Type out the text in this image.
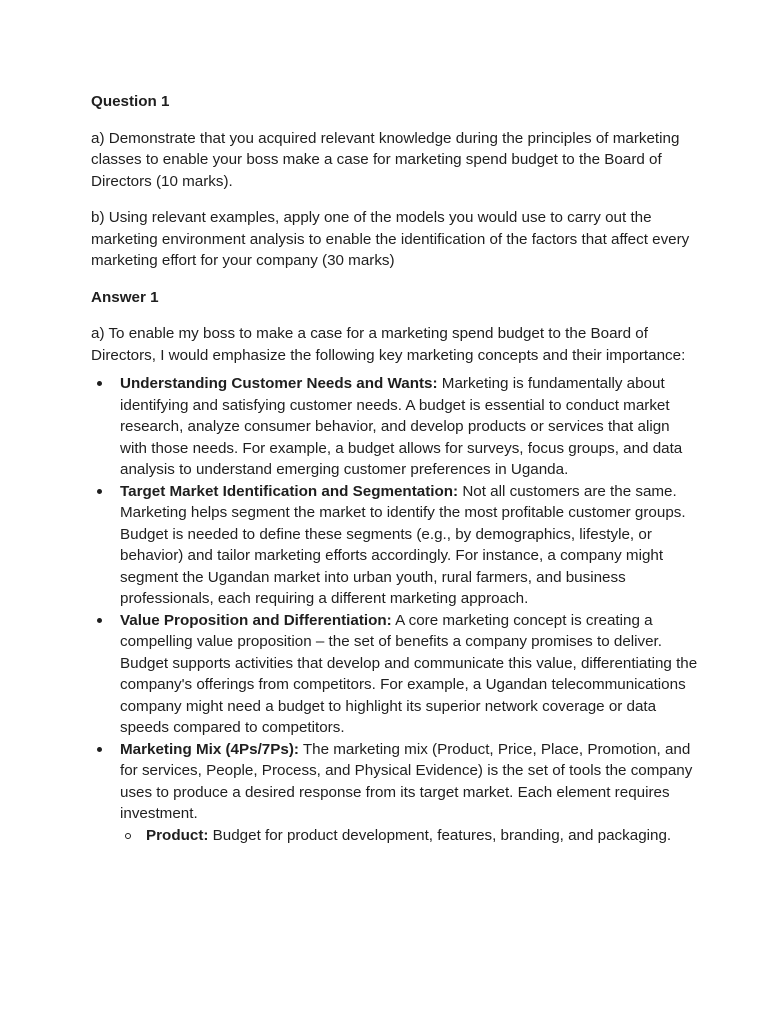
Question 1
a) Demonstrate that you acquired relevant knowledge during the principles of marketing classes to enable your boss make a case for marketing spend budget to the Board of Directors (10 marks).
b) Using relevant examples, apply one of the models you would use to carry out the marketing environment analysis to enable the identification of the factors that affect every marketing effort for your company (30 marks)
Answer 1
a) To enable my boss to make a case for a marketing spend budget to the Board of Directors, I would emphasize the following key marketing concepts and their importance:
Understanding Customer Needs and Wants: Marketing is fundamentally about identifying and satisfying customer needs. A budget is essential to conduct market research, analyze consumer behavior, and develop products or services that align with those needs. For example, a budget allows for surveys, focus groups, and data analysis to understand emerging customer preferences in Uganda.
Target Market Identification and Segmentation: Not all customers are the same. Marketing helps segment the market to identify the most profitable customer groups. Budget is needed to define these segments (e.g., by demographics, lifestyle, or behavior) and tailor marketing efforts accordingly. For instance, a company might segment the Ugandan market into urban youth, rural farmers, and business professionals, each requiring a different marketing approach.
Value Proposition and Differentiation: A core marketing concept is creating a compelling value proposition – the set of benefits a company promises to deliver. Budget supports activities that develop and communicate this value, differentiating the company's offerings from competitors. For example, a Ugandan telecommunications company might need a budget to highlight its superior network coverage or data speeds compared to competitors.
Marketing Mix (4Ps/7Ps): The marketing mix (Product, Price, Place, Promotion, and for services, People, Process, and Physical Evidence) is the set of tools the company uses to produce a desired response from its target market. Each element requires investment.
Product: Budget for product development, features, branding, and packaging.
